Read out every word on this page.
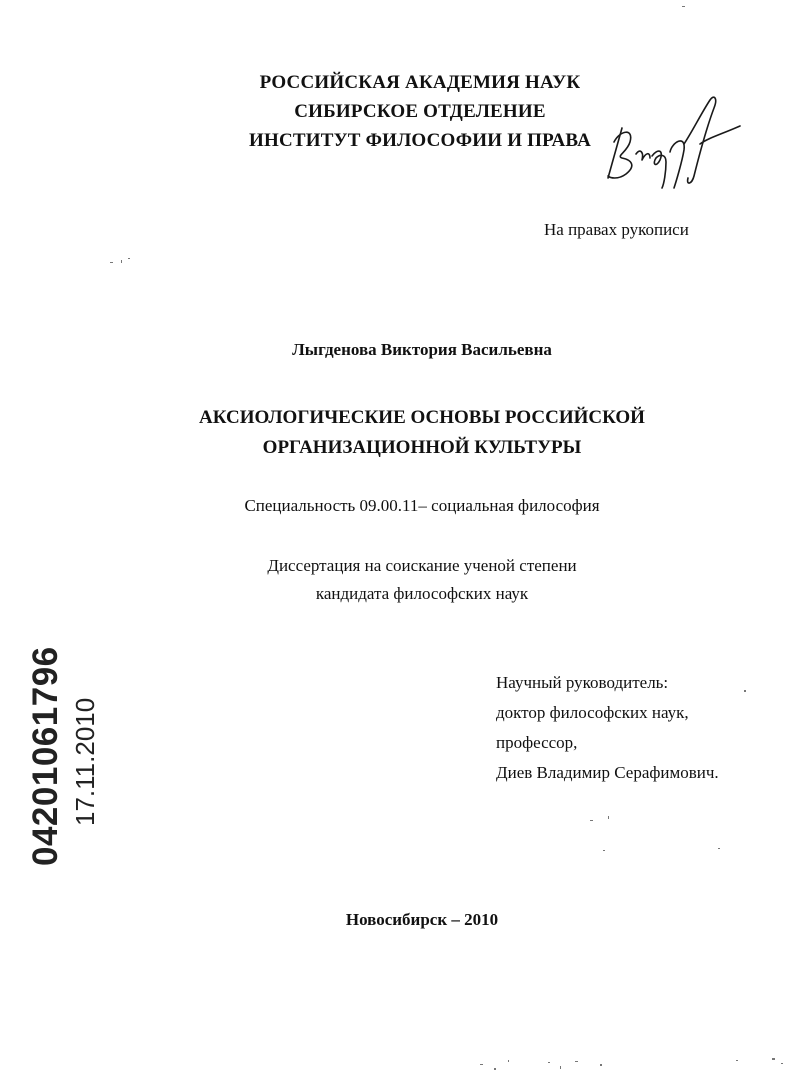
РОССИЙСКАЯ АКАДЕМИЯ НАУК
СИБИРСКОЕ ОТДЕЛЕНИЕ
ИНСТИТУТ ФИЛОСОФИИ И ПРАВА
На правах рукописи
Лыгденова Виктория Васильевна
АКСИОЛОГИЧЕСКИЕ ОСНОВЫ РОССИЙСКОЙ
ОРГАНИЗАЦИОННОЙ КУЛЬТУРЫ
Специальность 09.00.11– социальная философия
Диссертация на соискание ученой степени
кандидата философских наук
Научный руководитель:
доктор философских наук,
профессор,
Диев Владимир Серафимович.
Новосибирск – 2010
04201061796 17.11.2010
